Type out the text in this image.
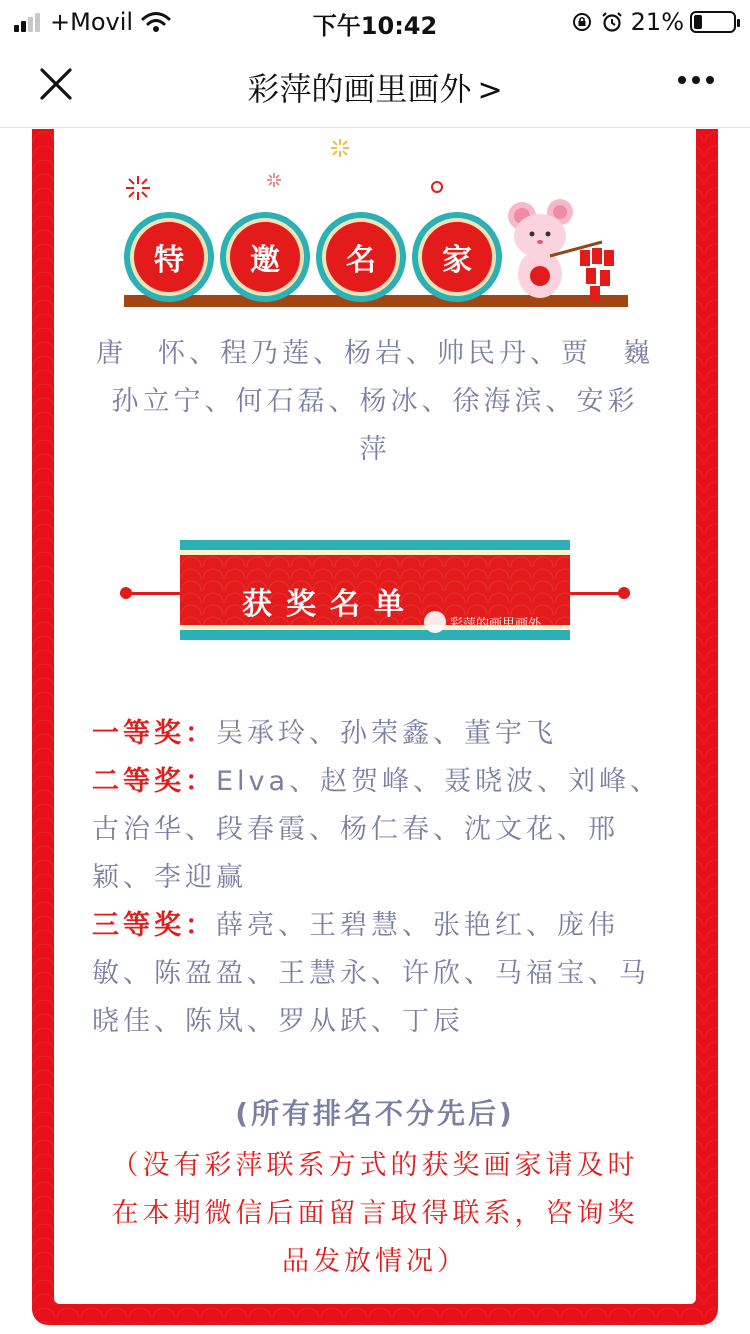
+Movil	下午10:42	21%
彩萍的画里画外 >
特	邀	名	家
唐　怀、程乃莲、杨岩、帅民丹、贾　巍
孙立宁、何石磊、杨冰、徐海滨、安彩
萍
获奖名单
彩萍的画里画外
一等奖：吴承玲、孙荣鑫、董宇飞
二等奖：Elva、赵贺峰、聂晓波、刘峰、古治华、段春霞、杨仁春、沈文花、邢颖、李迎赢
三等奖：薛亮、王碧慧、张艳红、庞伟敏、陈盈盈、王慧永、许欣、马福宝、马晓佳、陈岚、罗从跃、丁辰
(所有排名不分先后)
（没有彩萍联系方式的获奖画家请及时
在本期微信后面留言取得联系，咨询奖
品发放情况）
